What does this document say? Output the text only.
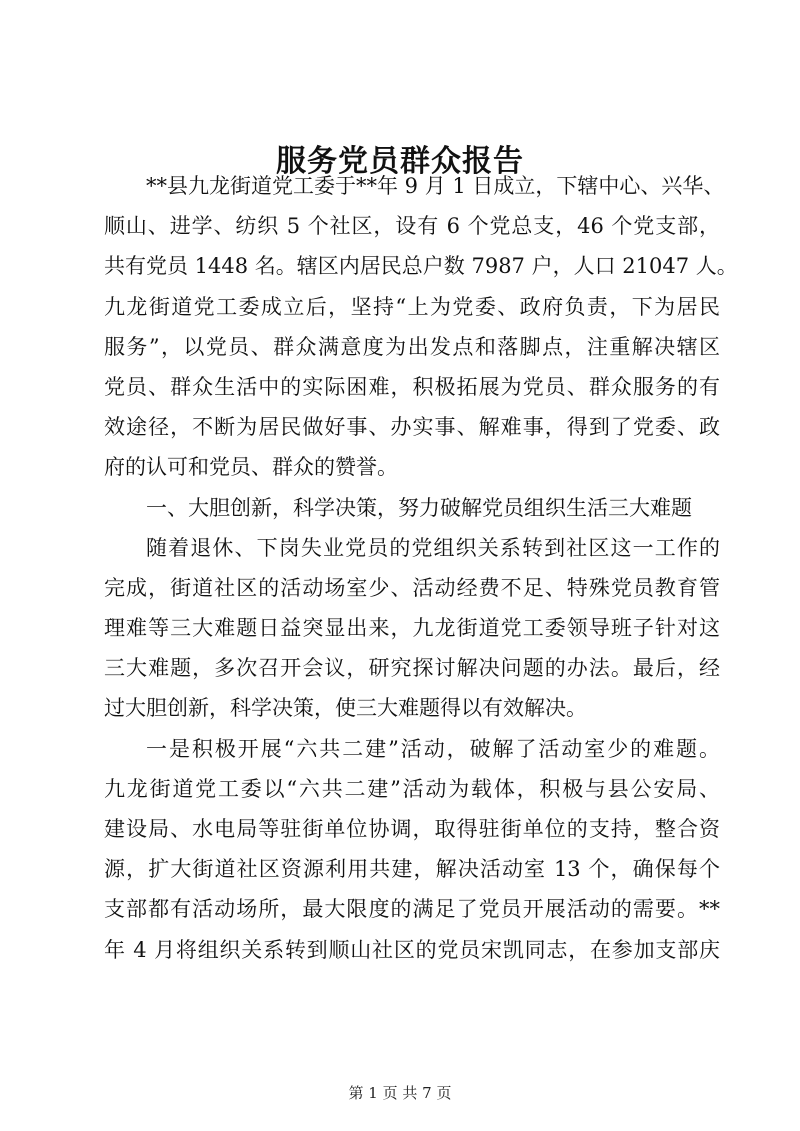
服务党员群众报告
**县九龙街道党工委于**年 9 月 1 日成立，下辖中心、兴华、
顺山、进学、纺织 5 个社区，设有 6 个党总支，46 个党支部，
共有党员 1448 名。辖区内居民总户数 7987 户，人口 21047 人。
九龙街道党工委成立后，坚持“上为党委、政府负责，下为居民
服务”，以党员、群众满意度为出发点和落脚点，注重解决辖区
党员、群众生活中的实际困难，积极拓展为党员、群众服务的有
效途径，不断为居民做好事、办实事、解难事，得到了党委、政
府的认可和党员、群众的赞誉。
一、大胆创新，科学决策，努力破解党员组织生活三大难题
随着退休、下岗失业党员的党组织关系转到社区这一工作的
完成，街道社区的活动场室少、活动经费不足、特殊党员教育管
理难等三大难题日益突显出来，九龙街道党工委领导班子针对这
三大难题，多次召开会议，研究探讨解决问题的办法。最后，经
过大胆创新，科学决策，使三大难题得以有效解决。
一是积极开展“六共二建”活动，破解了活动室少的难题。
九龙街道党工委以“六共二建”活动为载体，积极与县公安局、
建设局、水电局等驻街单位协调，取得驻街单位的支持，整合资
源，扩大街道社区资源利用共建，解决活动室 13 个，确保每个
支部都有活动场所，最大限度的满足了党员开展活动的需要。**
年 4 月将组织关系转到顺山社区的党员宋凯同志，在参加支部庆
第 1 页 共 7 页
